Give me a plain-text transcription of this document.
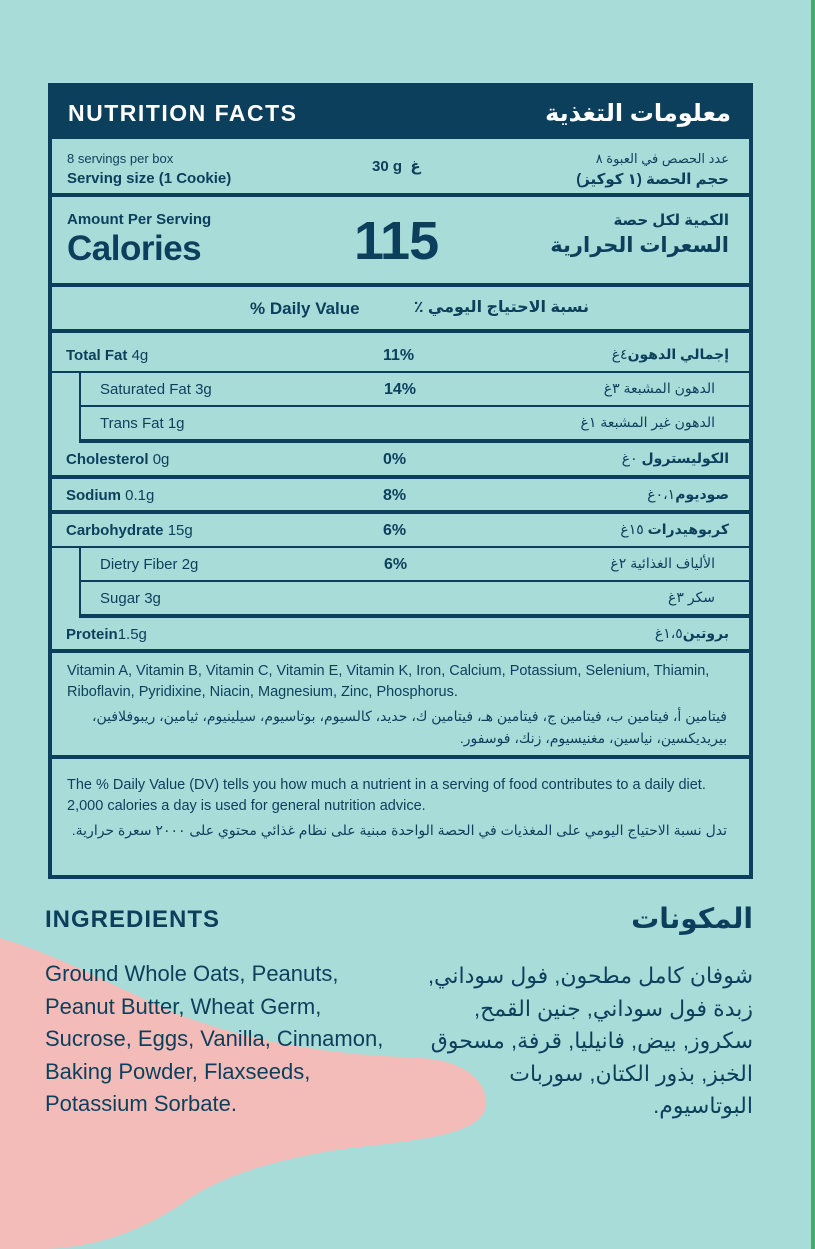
NUTRITION FACTS	معلومات التغذية
8 servings per box
Serving size (1 Cookie)
30 g  غ	عدد الحصص في العبوة ٨
حجم الحصة (١ كوكيز)
Amount Per Serving
Calories	115	الكمية لكل حصة
السعرات الحرارية
% Daily Value	نسبة الاحتياج اليومي ٪
Total Fat 4g	11%	إجمالي الدهون٤غ
Saturated Fat 3g	14%	الدهون المشبعة ٣غ
Trans Fat 1g	الدهون غير المشبعة ١غ
Cholesterol 0g	0%	الكوليسترول ٠غ
Sodium 0.1g	8%	صوديوم٠،١غ
Carbohydrate 15g	6%	كربوهيدرات ١٥غ
Dietry Fiber 2g	6%	الألياف الغذائية ٢غ
Sugar 3g	سكر ٣غ
Protein1.5g	بروتين١،٥غ
Vitamin A, Vitamin B, Vitamin C, Vitamin E, Vitamin K, Iron, Calcium, Potassium, Selenium, Thiamin, Riboflavin, Pyridixine, Niacin, Magnesium, Zinc, Phosphorus.
فيتامين أ، فيتامين ب، فيتامين ج، فيتامين هـ، فيتامين ك، حديد، كالسيوم، بوتاسيوم، سيلينيوم، ثيامين، ريبوفلافين، بيريديكسين، نياسين، مغنيسيوم، زنك، فوسفور.
The % Daily Value (DV) tells you how much a nutrient in a serving of food contributes to a daily diet. 2,000 calories a day is used for general nutrition advice.
تدل نسبة الاحتياج اليومي على المغذيات في الحصة الواحدة مبنية على نظام غذائي محتوي على ٢٠٠٠ سعرة حرارية.
INGREDIENTS	المكونات
Ground Whole Oats, Peanuts, Peanut Butter, Wheat Germ, Sucrose, Eggs, Vanilla, Cinnamon, Baking Powder, Flaxseeds, Potassium Sorbate.
شوفان كامل مطحون, فول سوداني, زبدة فول سوداني, جنين القمح, سكروز, بيض, فانيليا, قرفة, مسحوق الخبز, بذور الكتان, سوربات البوتاسيوم.
